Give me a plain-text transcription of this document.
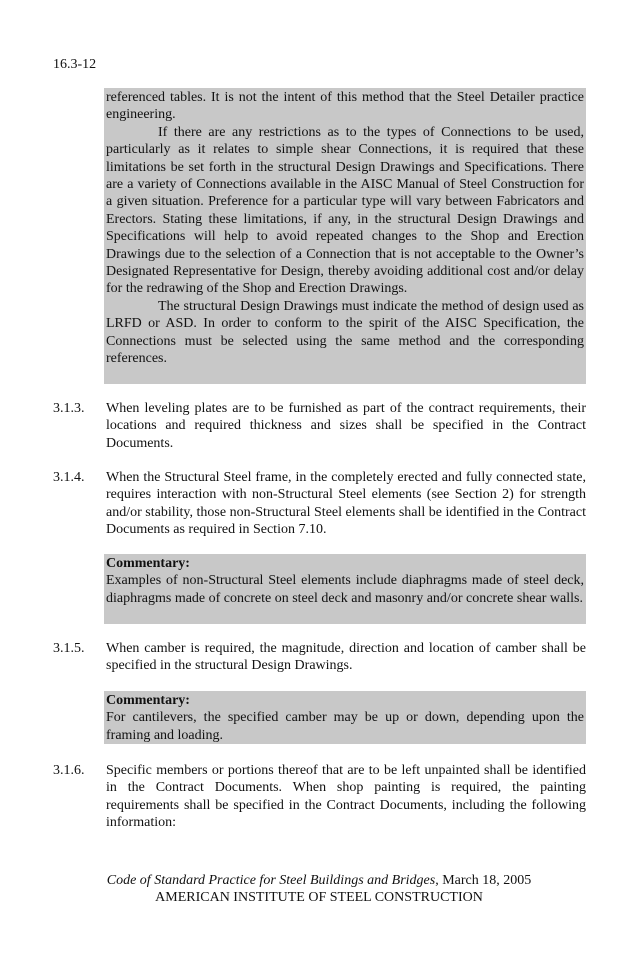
16.3-12

referenced tables. It is not the intent of this method that the Steel Detailer practice engineering.

If there are any restrictions as to the types of Connections to be used, particularly as it relates to simple shear Connections, it is required that these limitations be set forth in the structural Design Drawings and Specifications. There are a variety of Connections available in the AISC Manual of Steel Construction for a given situation. Preference for a particular type will vary between Fabricators and Erectors. Stating these limitations, if any, in the structural Design Drawings and Specifications will help to avoid repeated changes to the Shop and Erection Drawings due to the selection of a Connection that is not acceptable to the Owner’s Designated Representative for Design, thereby avoiding additional cost and/or delay for the redrawing of the Shop and Erection Drawings.

The structural Design Drawings must indicate the method of design used as LRFD or ASD. In order to conform to the spirit of the AISC Specification, the Connections must be selected using the same method and the corresponding references.

3.1.3. When leveling plates are to be furnished as part of the contract requirements, their locations and required thickness and sizes shall be specified in the Contract Documents.
3.1.4. When the Structural Steel frame, in the completely erected and fully connected state, requires interaction with non-Structural Steel elements (see Section 2) for strength and/or stability, those non-Structural Steel elements shall be identified in the Contract Documents as required in Section 7.10.

Commentary:

Examples of non-Structural Steel elements include diaphragms made of steel deck, diaphragms made of concrete on steel deck and masonry and/or concrete shear walls.

3.1.5. When camber is required, the magnitude, direction and location of camber shall be specified in the structural Design Drawings.

Commentary:

For cantilevers, the specified camber may be up or down, depending upon the framing and loading.

3.1.6. Specific members or portions thereof that are to be left unpainted shall be identified in the Contract Documents. When shop painting is required, the painting requirements shall be specified in the Contract Documents, including the following information:
Code of Standard Practice for Steel Buildings and Bridges, March 18, 2005
AMERICAN INSTITUTE OF STEEL CONSTRUCTION
